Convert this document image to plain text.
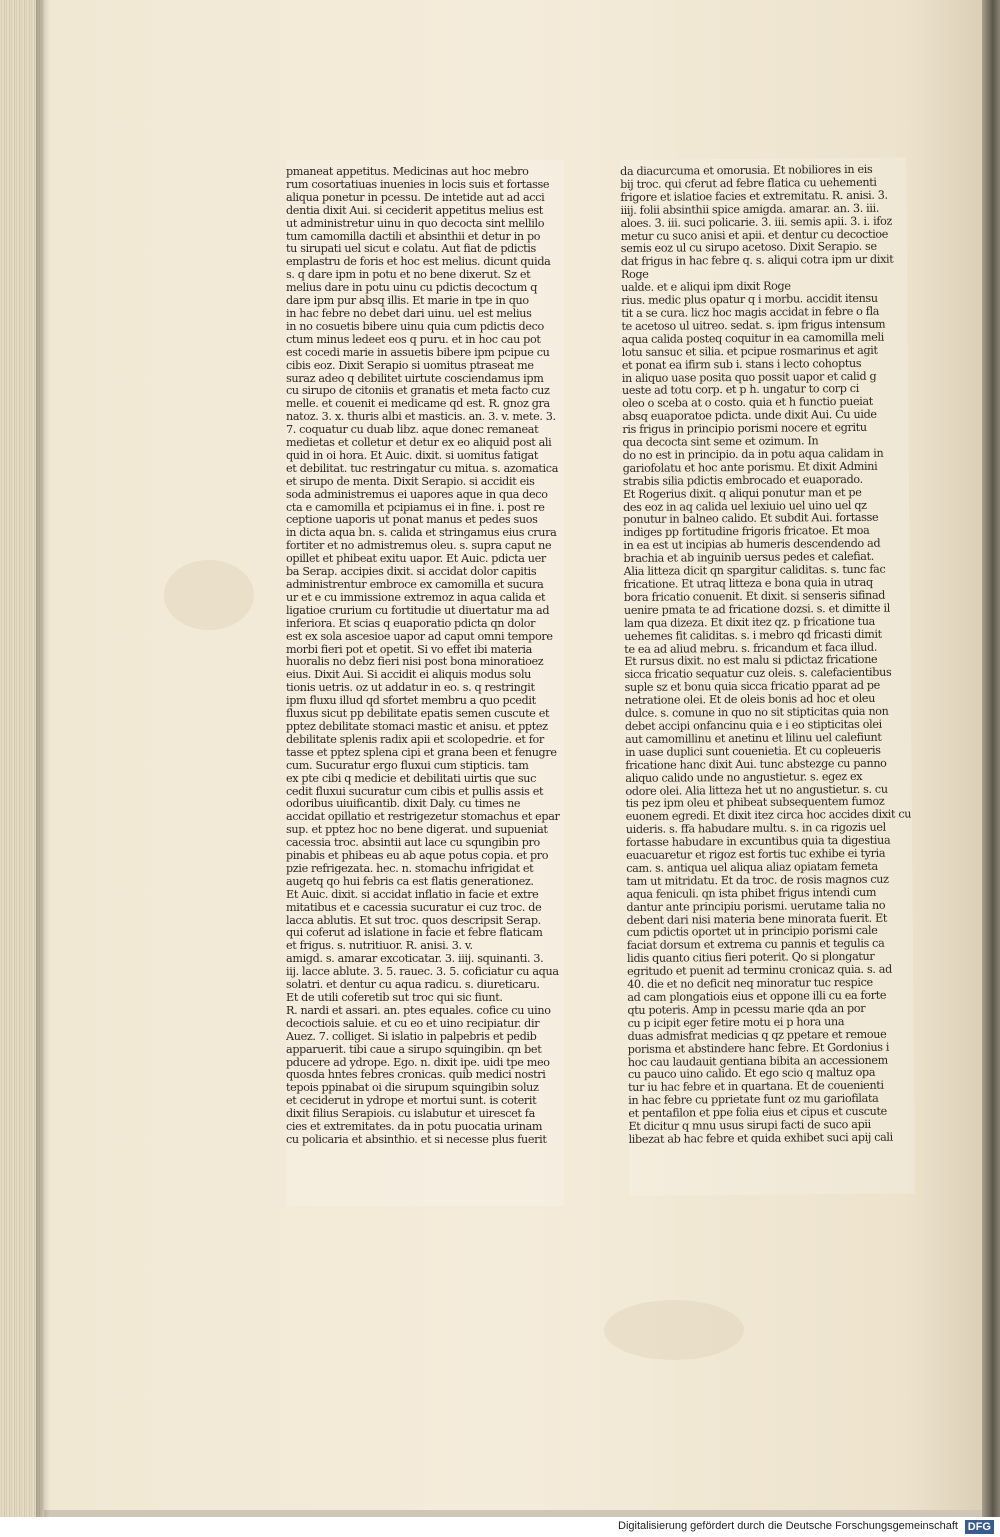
pmaneat appetitus. Medicinas aut hoc mebro
rum cosortatiuas inuenies in locis suis et fortasse
aliqua ponetur in pcessu. De intetide aut ad acci
dentia dixit Aui. si ceciderit appetitus melius est
ut administretur uinu in quo decocta sint mellilo
tum camomilla dactili et absinthii et detur in po
tu sirupati uel sicut e colatu. Aut fiat de pdictis
emplastru de foris et hoc est melius. dicunt quida
s. q dare ipm in potu et no bene dixerut. Sz et
melius dare in potu uinu cu pdictis decoctum q
dare ipm pur absq illis. Et marie in tpe in quo
in hac febre no debet dari uinu. uel est melius
in no cosuetis bibere uinu quia cum pdictis deco
ctum minus ledeet eos q puru. et in hoc cau pot
est cocedi marie in assuetis bibere ipm pcipue cu
cibis eoz. Dixit Serapio si uomitus ptraseat me
suraz adeo q debilitet uirtute cosciendamus ipm
cu sirupo de citoniis et granatis et meta facto cuz
melle. et couenit ei medicame qd est. R. gnoz gra
natoz. 3. x. thuris albi et masticis. an. 3. v. mete. 3.
7. coquatur cu duab libz. aque donec remaneat
medietas et colletur et detur ex eo aliquid post ali
quid in oi hora. Et Auic. dixit. si uomitus fatigat
et debilitat. tuc restringatur cu mitua. s. azomatica
et sirupo de menta. Dixit Serapio. si accidit eis
soda administremus ei uapores aque in qua deco
cta e camomilla et pcipiamus ei in fine. i. post re
ceptione uaporis ut ponat manus et pedes suos
in dicta aqua bn. s. calida et stringamus eius crura
fortiter et no admistremus oleu. s. supra caput ne
opillet et phibeat exitu uapor. Et Auic. pdicta uer
ba Serap. accipies dixit. si accidat dolor capitis
administrentur embroce ex camomilla et sucura
ur et e cu immissione extremoz in aqua calida et
ligatioe crurium cu fortitudie ut diuertatur ma ad
inferiora. Et scias q euaporatio pdicta qn dolor
est ex sola ascesioe uapor ad caput omni tempore
morbi fieri pot et opetit. Si vo effet ibi materia
huoralis no debz fieri nisi post bona minoratioez
eius. Dixit Aui. Si accidit ei aliquis modus solu
tionis uetris. oz ut addatur in eo. s. q restringit
ipm fluxu illud qd sfortet membru a quo pcedit
fluxus sicut pp debilitate epatis semen cuscute et
pptez debilitate stomaci mastic et anisu. et pptez
debilitate splenis radix apii et scolopedrie. et for
tasse et pptez splena cipi et grana been et fenugre
cum. Sucuratur ergo fluxui cum stipticis. tam
ex pte cibi q medicie et debilitati uirtis que suc
cedit fluxui sucuratur cum cibis et pullis assis et
odoribus uiuificantib. dixit Daly. cu times ne
accidat opillatio et restrigezetur stomachus et epar
sup. et pptez hoc no bene digerat. und supueniat
cacessia troc. absintii aut lace cu squngibin pro
pinabis et phibeas eu ab aque potus copia. et pro
pzie refrigezata. hec. n. stomachu infrigidat et
augetq qo hui febris ca est flatis generationez.
Et Auic. dixit. si accidat inflatio in facie et extre
mitatibus et e cacessia sucuratur ei cuz troc. de
lacca ablutis. Et sut troc. quos descripsit Serap.
qui coferut ad islatione in facie et febre flaticam
et frigus. s. nutritiuor. R. anisi. 3. v.
amigd. s. amarar excoticatar. 3. iiij. squinanti. 3.
iij. lacce ablute. 3. 5. rauec. 3. 5. coficiatur cu aqua
solatri. et dentur cu aqua radicu. s. diureticaru.
Et de utili coferetib sut troc qui sic fiunt.
R. nardi et assari. an. ptes equales. cofice cu uino
decoctiois saluie. et cu eo et uino recipiatur. dir
Auez. 7. colliget. Si islatio in palpebris et pedib
apparuerit. tibi caue a sirupo squingibin. qn bet
pducere ad ydrope. Ego. n. dixit ipe. uidi tpe meo
quosda hntes febres cronicas. quib medici nostri
tepois ppinabat oi die sirupum squingibin soluz
et ceciderut in ydrope et mortui sunt. is coterit
dixit filius Serapiois. cu islabutur et uirescet fa
cies et extremitates. da in potu puocatia urinam
cu policaria et absinthio. et si necesse plus fuerit
da diacurcuma et omorusia. Et nobiliores in eis
bij troc. qui cferut ad febre flatica cu uehementi
frigore et islatioe facies et extremitatu. R. anisi. 3.
iiij. folii absinthii spice amigda. amarar. an. 3. iii.
aloes. 3. iii. suci policarie. 3. iii. semis apii. 3. i. ifoz
metur cu suco anisi et apii. et dentur cu decoctioe
semis eoz ul cu sirupo acetoso. Dixit Serapio. se
dat frigus in hac febre q. s. aliqui cotra ipm ur dixit Roge
ualde. et e aliqui ipm dixit Roge
rius. medic plus opatur q i morbu. accidit itensu
tit a se cura. licz hoc magis accidat in febre o fla
te acetoso ul uitreo. sedat. s. ipm frigus intensum
aqua calida posteq coquitur in ea camomilla meli
lotu sansuc et silia. et pcipue rosmarinus et agit
et ponat ea ifirm sub i. stans i lecto cohoptus
in aliquo uase posita quo possit uapor et calid g
ueste ad totu corp. et p h. ungatur to corp ci
oleo o sceba at o costo. quia et h functio pueiat
absq euaporatoe pdicta. unde dixit Aui. Cu uide
ris frigus in principio porismi nocere et egritu
qua decocta sint seme et ozimum. In
do no est in principio. da in potu aqua calidam in
gariofolatu et hoc ante porismu. Et dixit Admini
strabis silia pdictis embrocado et euaporado.
Et Rogerius dixit. q aliqui ponutur man et pe
des eoz in aq calida uel lexiuio uel uino uel qz
ponutur in balneo calido. Et subdit Aui. fortasse
indiges pp fortitudine frigoris fricatoe. Et moa
in ea est ut incipias ab humeris descendendo ad
brachia et ab inguinib uersus pedes et calefiat.
Alia litteza dicit qn spargitur caliditas. s. tunc fac
fricatione. Et utraq litteza e bona quia in utraq
bora fricatio conuenit. Et dixit. si senseris sifinad
uenire pmata te ad fricatione dozsi. s. et dimitte il
lam qua dizeza. Et dixit itez qz. p fricatione tua
uehemes fit caliditas. s. i mebro qd fricasti dimit
te ea ad aliud mebru. s. fricandum et faca illud.
Et rursus dixit. no est malu si pdictaz fricatione
sicca fricatio sequatur cuz oleis. s. calefacientibus
suple sz et bonu quia sicca fricatio pparat ad pe
netratione olei. Et de oleis bonis ad hoc et oleu
dulce. s. comune in quo no sit stipticitas quia non
debet accipi onfancinu quia e i eo stipticitas olei
aut camomillinu et anetinu et lilinu uel calefiunt
in uase duplici sunt couenietia. Et cu copleueris
fricatione hanc dixit Aui. tunc abstezge cu panno
aliquo calido unde no angustietur. s. egez ex
odore olei. Alia litteza het ut no angustietur. s. cu
tis pez ipm oleu et phibeat subsequentem fumoz
euonem egredi. Et dixit itez circa hoc accides dixit cu
uideris. s. ffa habudare multu. s. in ca rigozis uel
fortasse habudare in excuntibus quia ta digestiua
euacuaretur et rigoz est fortis tuc exhibe ei tyria
cam. s. antiqua uel aliqua aliaz opiatam femeta
tam ut mitridatu. Et da troc. de rosis magnos cuz
aqua feniculi. qn ista phibet frigus intendi cum
dantur ante principiu porismi. uerutame talia no
debent dari nisi materia bene minorata fuerit. Et
cum pdictis oportet ut in principio porismi cale
faciat dorsum et extrema cu pannis et tegulis ca
lidis quanto citius fieri poterit. Qo si plongatur
egritudo et puenit ad terminu cronicaz quia. s. ad
40. die et no deficit neq minoratur tuc respice
ad cam plongatiois eius et oppone illi cu ea forte
qtu poteris. Amp in pcessu marie qda an por
cu p icipit eger fetire motu ei p hora una
duas admisfrat medicias q qz ppetare et remoue
porisma et abstindere hanc febre. Et Gordonius i
hoc cau laudauit gentiana bibita an accessionem
cu pauco uino calido. Et ego scio q maltuz opa
tur iu hac febre et in quartana. Et de couenienti
in hac febre cu pprietate funt oz mu gariofilata
et pentafilon et ppe folia eius et cipus et cuscute
Et dicitur q mnu usus sirupi facti de suco apii
libezat ab hac febre et quida exhibet suci apij cali
Digitalisierung gefördert durch die Deutsche Forschungsgemeinschaft DFG
